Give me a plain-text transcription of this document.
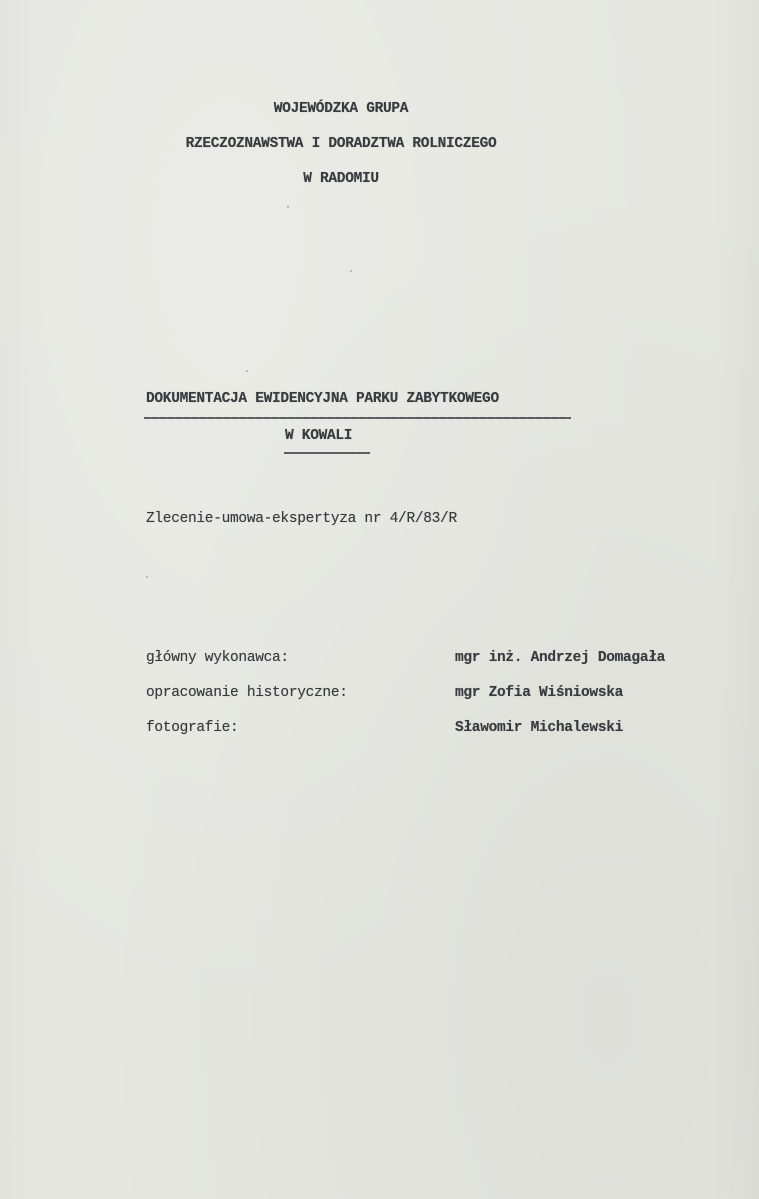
WOJEWÓDZKA GRUPA
RZECZOZNAWSTWA I DORADZTWA ROLNICZEGO
W RADOMIU
DOKUMENTACJA EWIDENCYJNA PARKU ZABYTKOWEGO
W KOWALI
Zlecenie-umowa-ekspertyza nr 4/R/83/R
główny wykonawca:	mgr inż. Andrzej Domagała
opracowanie historyczne:	mgr Zofia Wiśniowska
fotografie:	Sławomir Michalewski
